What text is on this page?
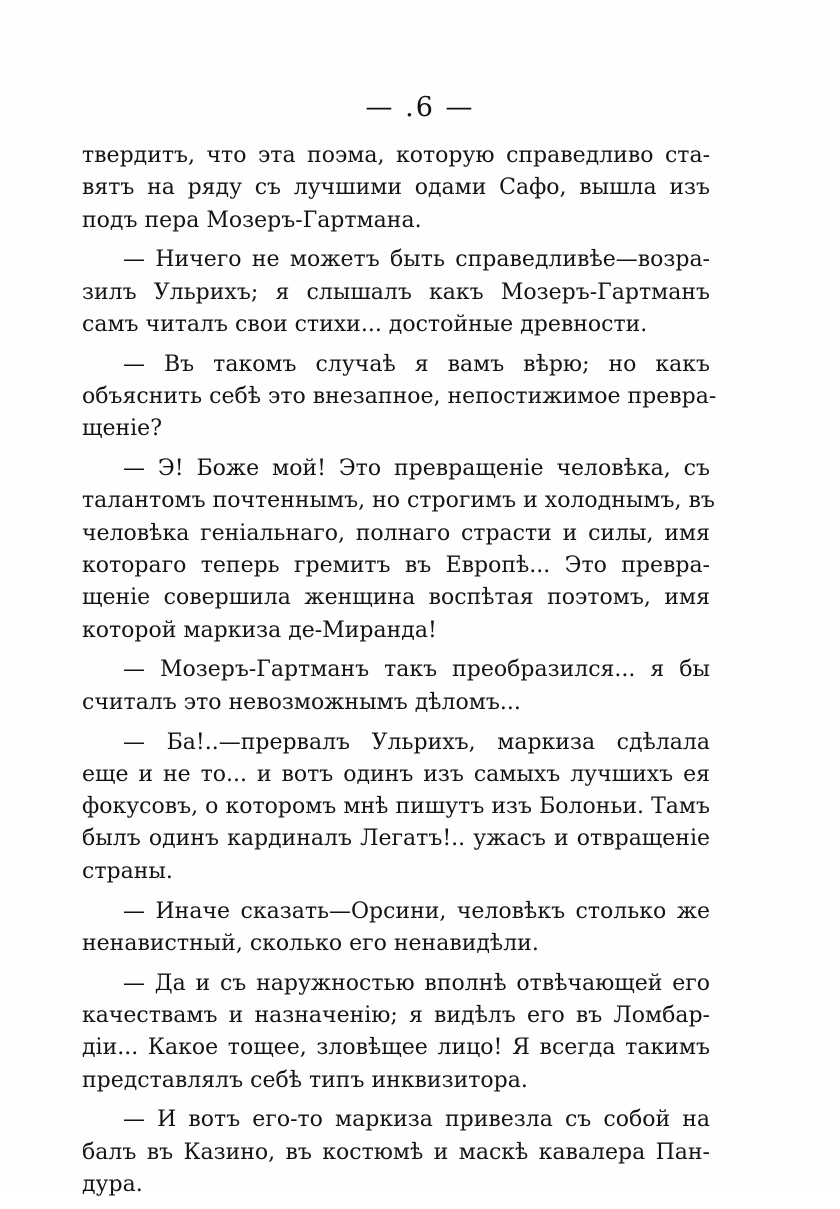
— .6 —
твердитъ, что эта поэма, которую справедливо ста-
вятъ на ряду съ лучшими одами Сафо, вышла изъ
подъ пера Мозеръ-Гартмана.
— Ничего не можетъ быть справедливѣе—возра-
зилъ Ульрихъ; я слышалъ какъ Мозеръ-Гартманъ
самъ читалъ свои стихи... достойные древности.
— Въ такомъ случаѣ я вамъ вѣрю; но какъ
объяснить себѣ это внезапное, непостижимое превра-
щеніе?
— Э! Боже мой! Это превращеніе человѣка, съ
талантомъ почтеннымъ, но строгимъ и холоднымъ, въ
человѣка геніальнаго, полнаго страсти и силы, имя
котораго теперь гремитъ въ Европѣ... Это превра-
щеніе совершила женщина воспѣтая поэтомъ, имя
которой маркиза де-Миранда!
— Мозеръ-Гартманъ такъ преобразился... я бы
считалъ это невозможнымъ дѣломъ...
— Ба!..—прервалъ Ульрихъ, маркиза сдѣлала
еще и не то... и вотъ одинъ изъ самыхъ лучшихъ ея
фокусовъ, о которомъ мнѣ пишутъ изъ Болоньи. Тамъ
былъ одинъ кардиналъ Легатъ!.. ужасъ и отвращеніе
страны.
— Иначе сказать—Орсини, человѣкъ столько же
ненавистный, сколько его ненавидѣли.
— Да и съ наружностью вполнѣ отвѣчающей его
качествамъ и назначенію; я видѣлъ его въ Ломбар-
діи... Какое тощее, зловѣщее лицо! Я всегда такимъ
представлялъ себѣ типъ инквизитора.
— И вотъ его-то маркиза привезла съ собой на
балъ въ Казино, въ костюмѣ и маскѣ кавалера Пан-
дура.
